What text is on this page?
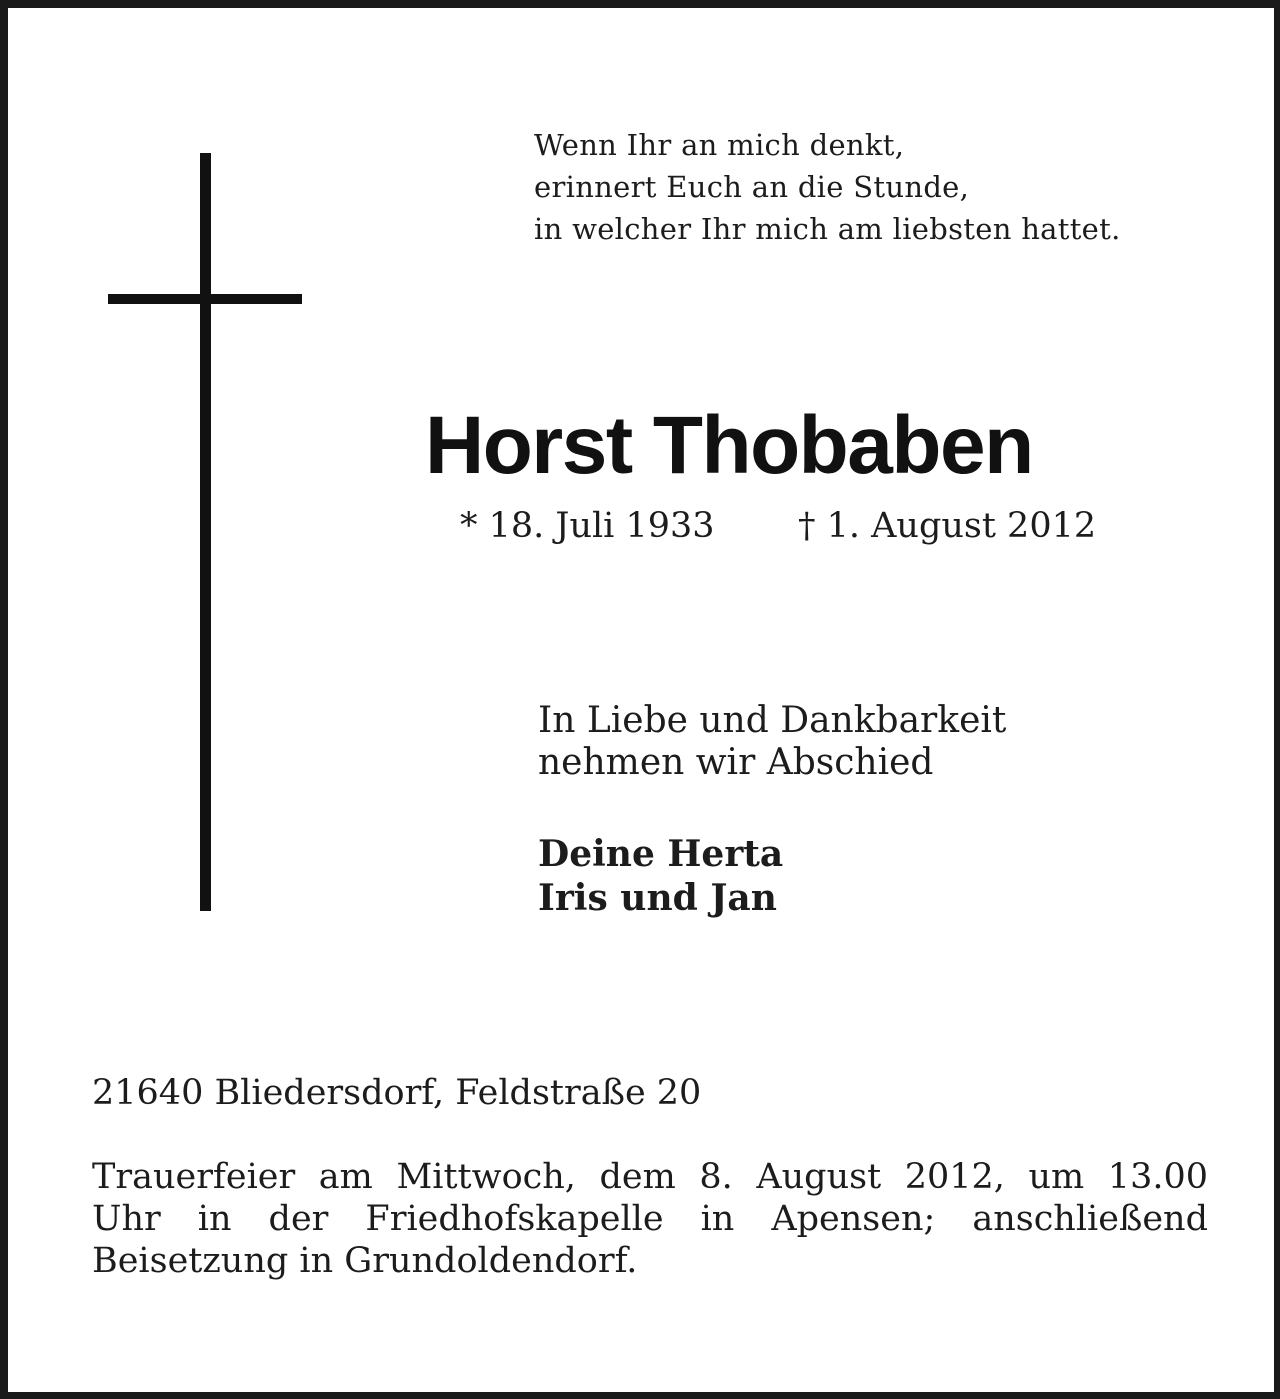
Wenn Ihr an mich denkt,
erinnert Euch an die Stunde,
in welcher Ihr mich am liebsten hattet.
Horst Thobaben
* 18. Juli 1933 † 1. August 2012
In Liebe und Dankbarkeit
nehmen wir Abschied
Deine Herta
Iris und Jan
21640 Bliedersdorf, Feldstraße 20
Trauerfeier am Mittwoch, dem 8. August 2012, um 13.00
Uhr in der Friedhofskapelle in Apensen; anschließend
Beisetzung in Grundoldendorf.
